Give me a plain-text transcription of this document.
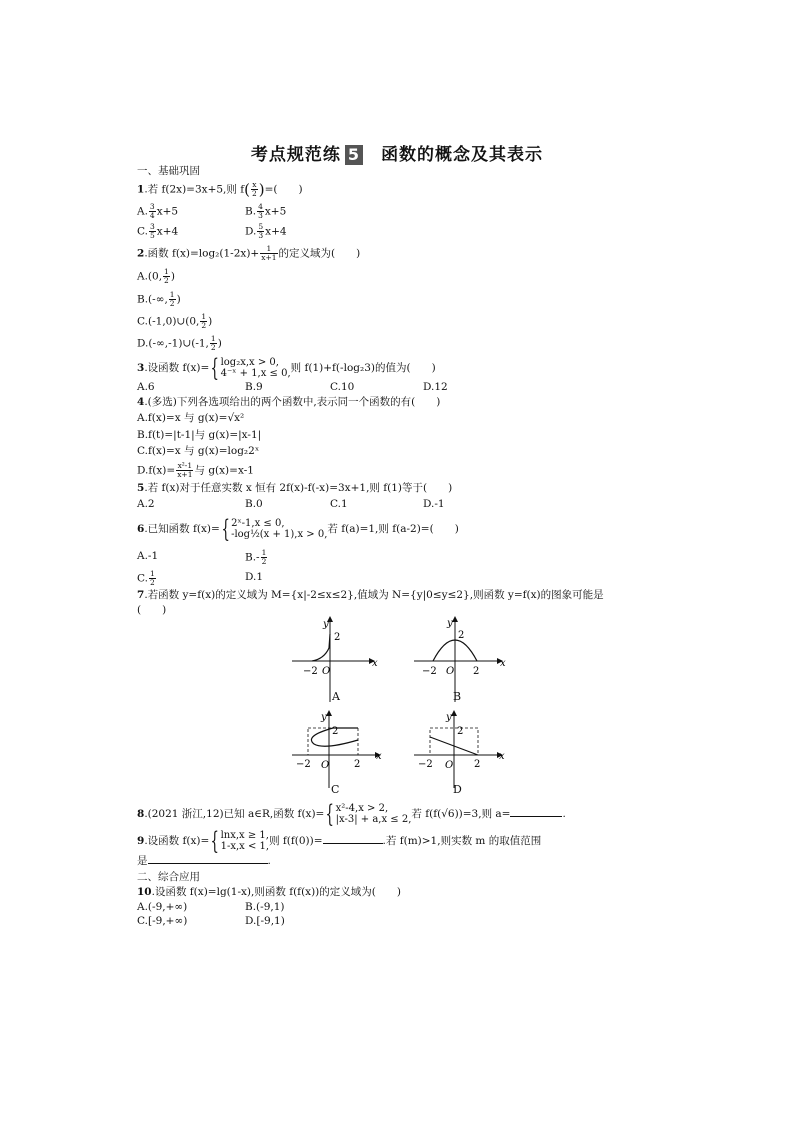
考点规范练 5 函数的概念及其表示
一、基础巩固
1.若 f(2x)=3x+5,则 $f( \frac{x}{2}$ )=(　　)
A. $\frac{3}{4} x+5$	B. $\frac{4}{3} x+5$
C. $\frac{3}{5} x+4$	D. $\frac{5}{3} x+4$
2.函数 $f(x)=\log_2(1-2x)+ \frac{1}{x+1}$ 的定义域为(　　)
A.(0, $\frac{1}{2}$ )
B.(-∞, $\frac{1}{2}$ )
C.(-1,0)∪(0, $\frac{1}{2}$ )
D.(-∞,-1)∪(-1, $\frac{1}{2}$ )
3.设函数 f(x)={ log₂x,x > 0,
4⁻ˣ + 1,x ≤ 0, 则 f(1)+f(-log₂3)的值为(　　)
A.6	B.9	C.10	D.12
4.(多选)下列各选项给出的两个函数中,表示同一个函数的有(　　)
A.f(x)=x 与 g(x)=√x²
B.f(t)=|t-1|与 g(x)=|x-1|
C.f(x)=x 与 g(x)=log₂2ˣ
$D.f(x)= \frac{\text{x²-1}}{x+1}$ 与 g(x)=x-1
5.若 f(x)对于任意实数 x 恒有 2f(x)-f(-x)=3x+1,则 f(1)等于(　　)
A.2	B.0	C.1	D.-1
6.已知函数 f(x)={ 2ˣ-1,x ≤ 0,
-log½(x + 1),x > 0, 若 f(a)=1,则 f(a-2)=(　　)
A.-1	$B.- \frac{1}{2}$
C. $\frac{1}{2}$	D.1
7.若函数 y=f(x)的定义域为 M={x|-2≤x≤2},值域为 N={y|0≤y≤2},则函数 y=f(x)的图象可能是
(　　)
y
2
x
−2 O
A
y
2
x
−2	2
O
B
y
2
x
−2	2
O
C
y
2
x
−2	2
O
D
8.(2021 浙江,12)已知 a∈R,函数 f(x)={ x²-4,x > 2,
|x-3| + a,x ≤ 2, 若 f(f(√6))=3,则 a=	.
9.设函数 f(x)={ lnx,x ≥ 1,
1-x,x < 1, 则 f(f(0))=	.若 f(m)>1,则实数 m 的取值范围
是	.
二、综合应用
10.设函数 f(x)=lg(1-x),则函数 f(f(x))的定义域为(　　)
A.(-9,+∞)	B.(-9,1)
C.[-9,+∞)	D.[-9,1)
